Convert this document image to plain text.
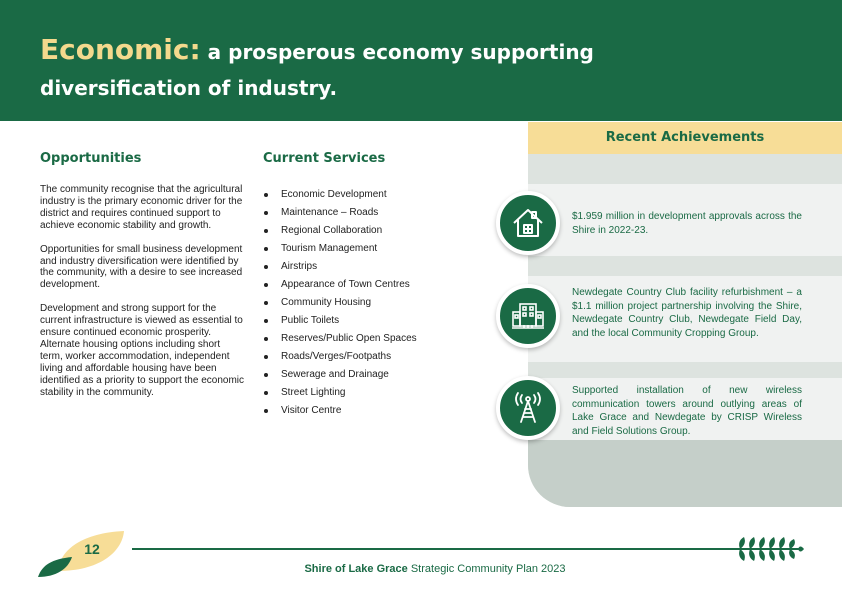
Economic: a prosperous economy supporting
diversification of industry.
Opportunities

The community recognise that the agricultural industry is the primary economic driver for the district and requires continued support to achieve economic stability and growth.

Opportunities for small business development and industry diversification were identified by the community, with a desire to see increased development.

Development and strong support for the current infrastructure is viewed as essential to ensure continued economic prosperity. Alternate housing options including short term, worker accommodation, independent living and affordable housing have been identified as a priority to support the economic stability in the community.

Current Services
Economic Development
Maintenance – Roads
Regional Collaboration
Tourism Management
Airstrips
Appearance of Town Centres
Community Housing
Public Toilets
Reserves/Public Open Spaces
Roads/Verges/Footpaths
Sewerage and Drainage
Street Lighting
Visitor Centre
Recent Achievements
$1.959 million in development approvals across the Shire in 2022-23.
Newdegate Country Club facility refurbishment – a $1.1 million project partnership involving the Shire, Newdegate Country Club, Newdegate Field Day, and the local Community Cropping Group.
Supported installation of new wireless communication towers around outlying areas of Lake Grace and Newdegate by CRISP Wireless and Field Solutions Group.
12
Shire of Lake Grace Strategic Community Plan 2023
